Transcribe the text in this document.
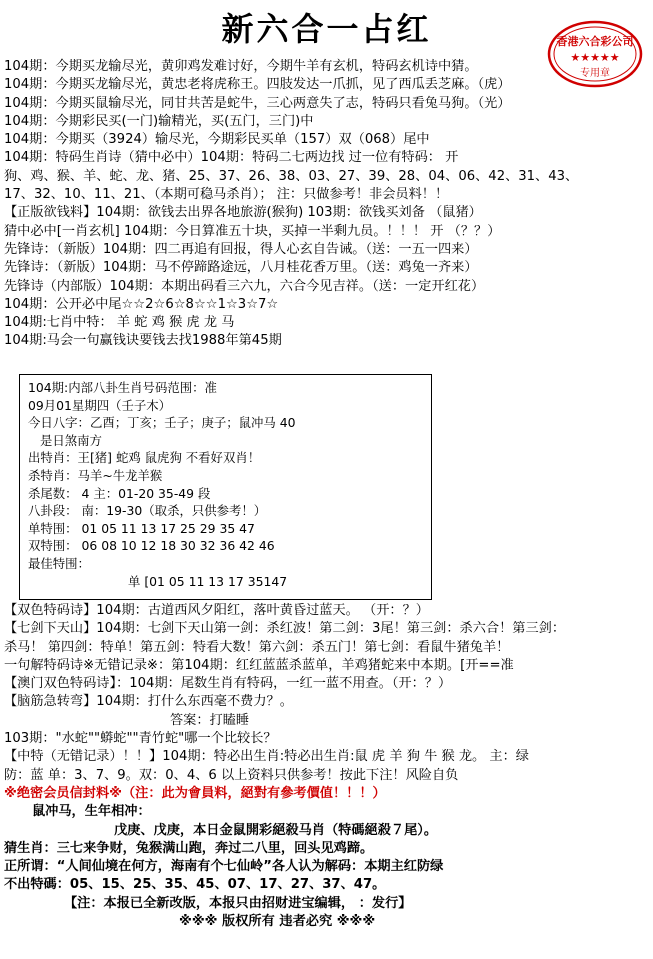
新六合一占红	香港六合彩公司
★★★★★
专用章
104期：今期买龙输尽光，黄卯鸡发难讨好，今期牛羊有玄机，特码玄机诗中猜。
104期：今期买龙输尽光，黄忠老将虎称王。四肢发达一爪抓，见了西瓜丢芝麻。（虎）
104期：今期买鼠输尽光，同甘共苦是蛇牛，三心两意失了志，特码只看兔马狗。（光）
104期：今期彩民买(一门)输精光，买(五门，三门)中
104期：今期买（3924）输尽光，今期彩民买单（157）双（068）尾中
104期：特码生肖诗（猜中必中）104期：特码二七两边找 过一位有特码： 开
狗、鸡、猴、羊、蛇、龙、猪、25、37、26、38、03、27、39、28、04、06、42、31、43、
17、32、10、11、21、（本期可稳马杀肖）； 注：只做参考！非会员料！！
【正版欲钱料】104期：欲钱去出界各地旅游(猴狗) 103期：欲钱买刘备 （鼠猪）
猜中必中[一肖玄机] 104期：今日算准五十块，买掉一半剩九员。！！！ 开 （？？）
先锋诗：（新版）104期：四二再追有回报，得人心玄自告诫。（送：一五一四来）
先锋诗：（新版）104期：马不停蹄路途远，八月桂花香万里。（送：鸡兔一齐来）
先锋诗（内部版）104期：本期出码看三六九，六合今见吉祥。（送：一定开红花）
104期：公开必中尾☆☆2☆6☆8☆☆1☆3☆7☆
104期:七肖中特： 羊 蛇 鸡 猴 虎 龙 马
104期:马会一句赢钱诀要钱去找1988年第45期
104期:内部八卦生肖号码范围：准
09月01星期四（壬子木）
今日八字：乙酉；丁亥；壬子；庚子；鼠冲马 40
是日煞南方
出特肖：王[猪] 蛇鸡 鼠虎狗 不看好双肖！
杀特肖：马羊~牛龙羊猴
杀尾数： 4 主：01-20 35-49 段
八卦段： 南：19-30（取杀，只供参考！）
单特围： 01 05 11 13 17 25 29 35 47
双特围： 06 08 10 12 18 30 32 36 42 46
最佳特围：
单 [01 05 11 13 17 35147
【双色特码诗】104期：古道西风夕阳红，落叶黄昏过蓝天。 （开：？）
【七剑下天山】104期：七剑下天山第一剑：杀红波！第二剑：3尾！第三剑：杀六合！第三剑：
杀马！ 第四剑：特单！第五剑：特看大数！第六剑：杀五门！第七剑：看鼠牛猪兔羊！
一句解特码诗※无错记录※：第104期：红红蓝蓝杀蓝单，羊鸡猪蛇来中本期。[开==准
【澳门双色特码诗】：104期：尾数生肖有特码，一红一蓝不用查。（开：？）
【脑筋急转弯】104期：打什么东西毫不费力？。
答案：打瞌睡
103期："水蛇""蟒蛇""青竹蛇"哪一个比较长？
【中特（无错记录）！！】104期：特必出生肖:特必出生肖:鼠 虎 羊 狗 牛 猴 龙。 主：绿
防：蓝 单：3、7、9。双：0、4、6 以上资料只供参考！按此下注！风险自负
※绝密会员信封料※（注：此为會員料，絕對有參考價值！！！）
鼠冲马，生年相冲：
戊庚、戊庚，本日金鼠開彩絕殺马肖（特碼絕殺７尾）。
猜生肖：三七来争财，兔猴满山跑，奔过二八里，回头见鸡蹄。
正所谓：“人间仙境在何方，海南有个七仙岭”各人认为解码：本期主红防绿
不出特碼：05、15、25、35、45、07、17、27、37、47。
【注：本报已全新改版，本报只由招财进宝编辑， ：发行】
※※※ 版权所有 违者必究 ※※※
